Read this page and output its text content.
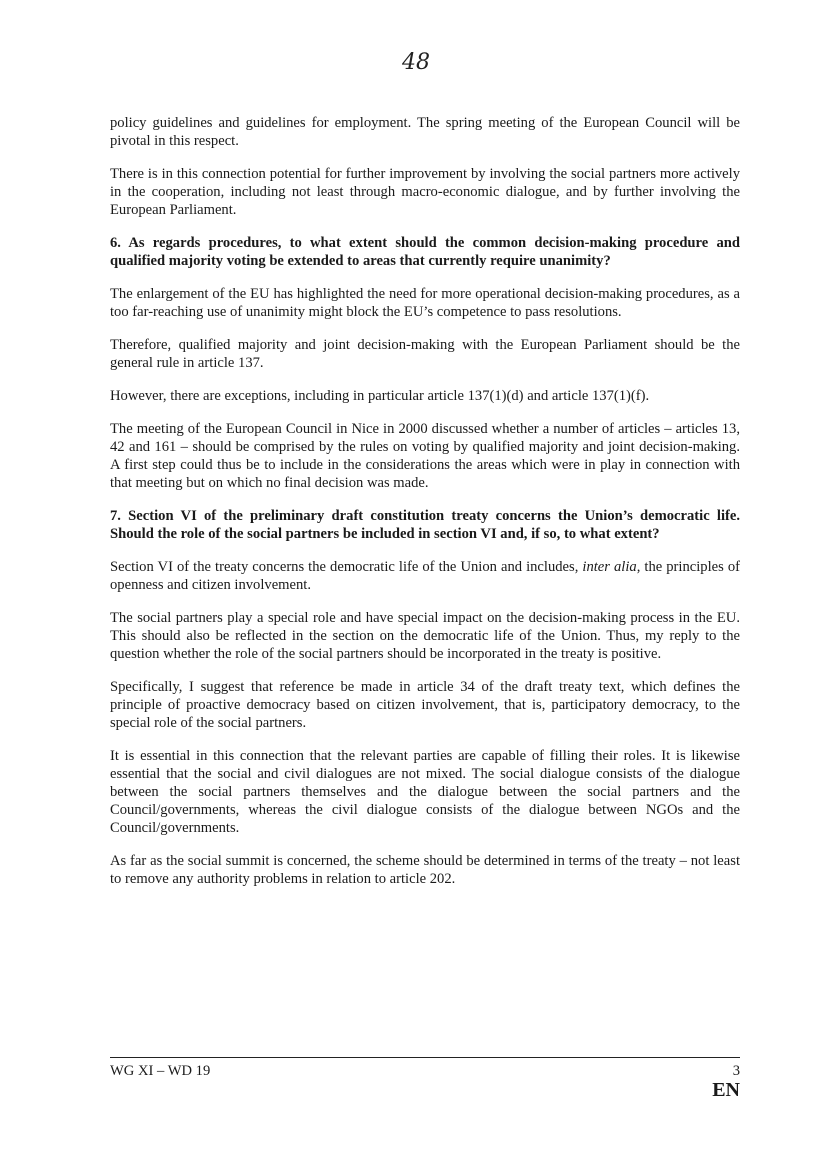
48

policy guidelines and guidelines for employment. The spring meeting of the European Council will be pivotal in this respect.

There is in this connection potential for further improvement by involving the social partners more actively in the cooperation, including not least through macro-economic dialogue, and by further involving the European Parliament.

6. As regards procedures, to what extent should the common decision-making procedure and qualified majority voting be extended to areas that currently require unanimity?

The enlargement of the EU has highlighted the need for more operational decision-making procedures, as a too far-reaching use of unanimity might block the EU’s competence to pass resolutions.

Therefore, qualified majority and joint decision-making with the European Parliament should be the general rule in article 137.

However, there are exceptions, including in particular article 137(1)(d) and article 137(1)(f).

The meeting of the European Council in Nice in 2000 discussed whether a number of articles – articles 13, 42 and 161 – should be comprised by the rules on voting by qualified majority and joint decision-making. A first step could thus be to include in the considerations the areas which were in play in connection with that meeting but on which no final decision was made.

7. Section VI of the preliminary draft constitution treaty concerns the Union’s democratic life. Should the role of the social partners be included in section VI and, if so, to what extent?

Section VI of the treaty concerns the democratic life of the Union and includes, inter alia, the principles of openness and citizen involvement.

The social partners play a special role and have special impact on the decision-making process in the EU. This should also be reflected in the section on the democratic life of the Union. Thus, my reply to the question whether the role of the social partners should be incorporated in the treaty is positive.

Specifically, I suggest that reference be made in article 34 of the draft treaty text, which defines the principle of proactive democracy based on citizen involvement, that is, participatory democracy, to the special role of the social partners.

It is essential in this connection that the relevant parties are capable of filling their roles. It is likewise essential that the social and civil dialogues are not mixed. The social dialogue consists of the dialogue between the social partners themselves and the dialogue between the social partners and the Council/governments, whereas the civil dialogue consists of the dialogue between NGOs and the Council/governments.

As far as the social summit is concerned, the scheme should be determined in terms of the treaty – not least to remove any authority problems in relation to article 202.

WG XI – WD 19	3
EN
